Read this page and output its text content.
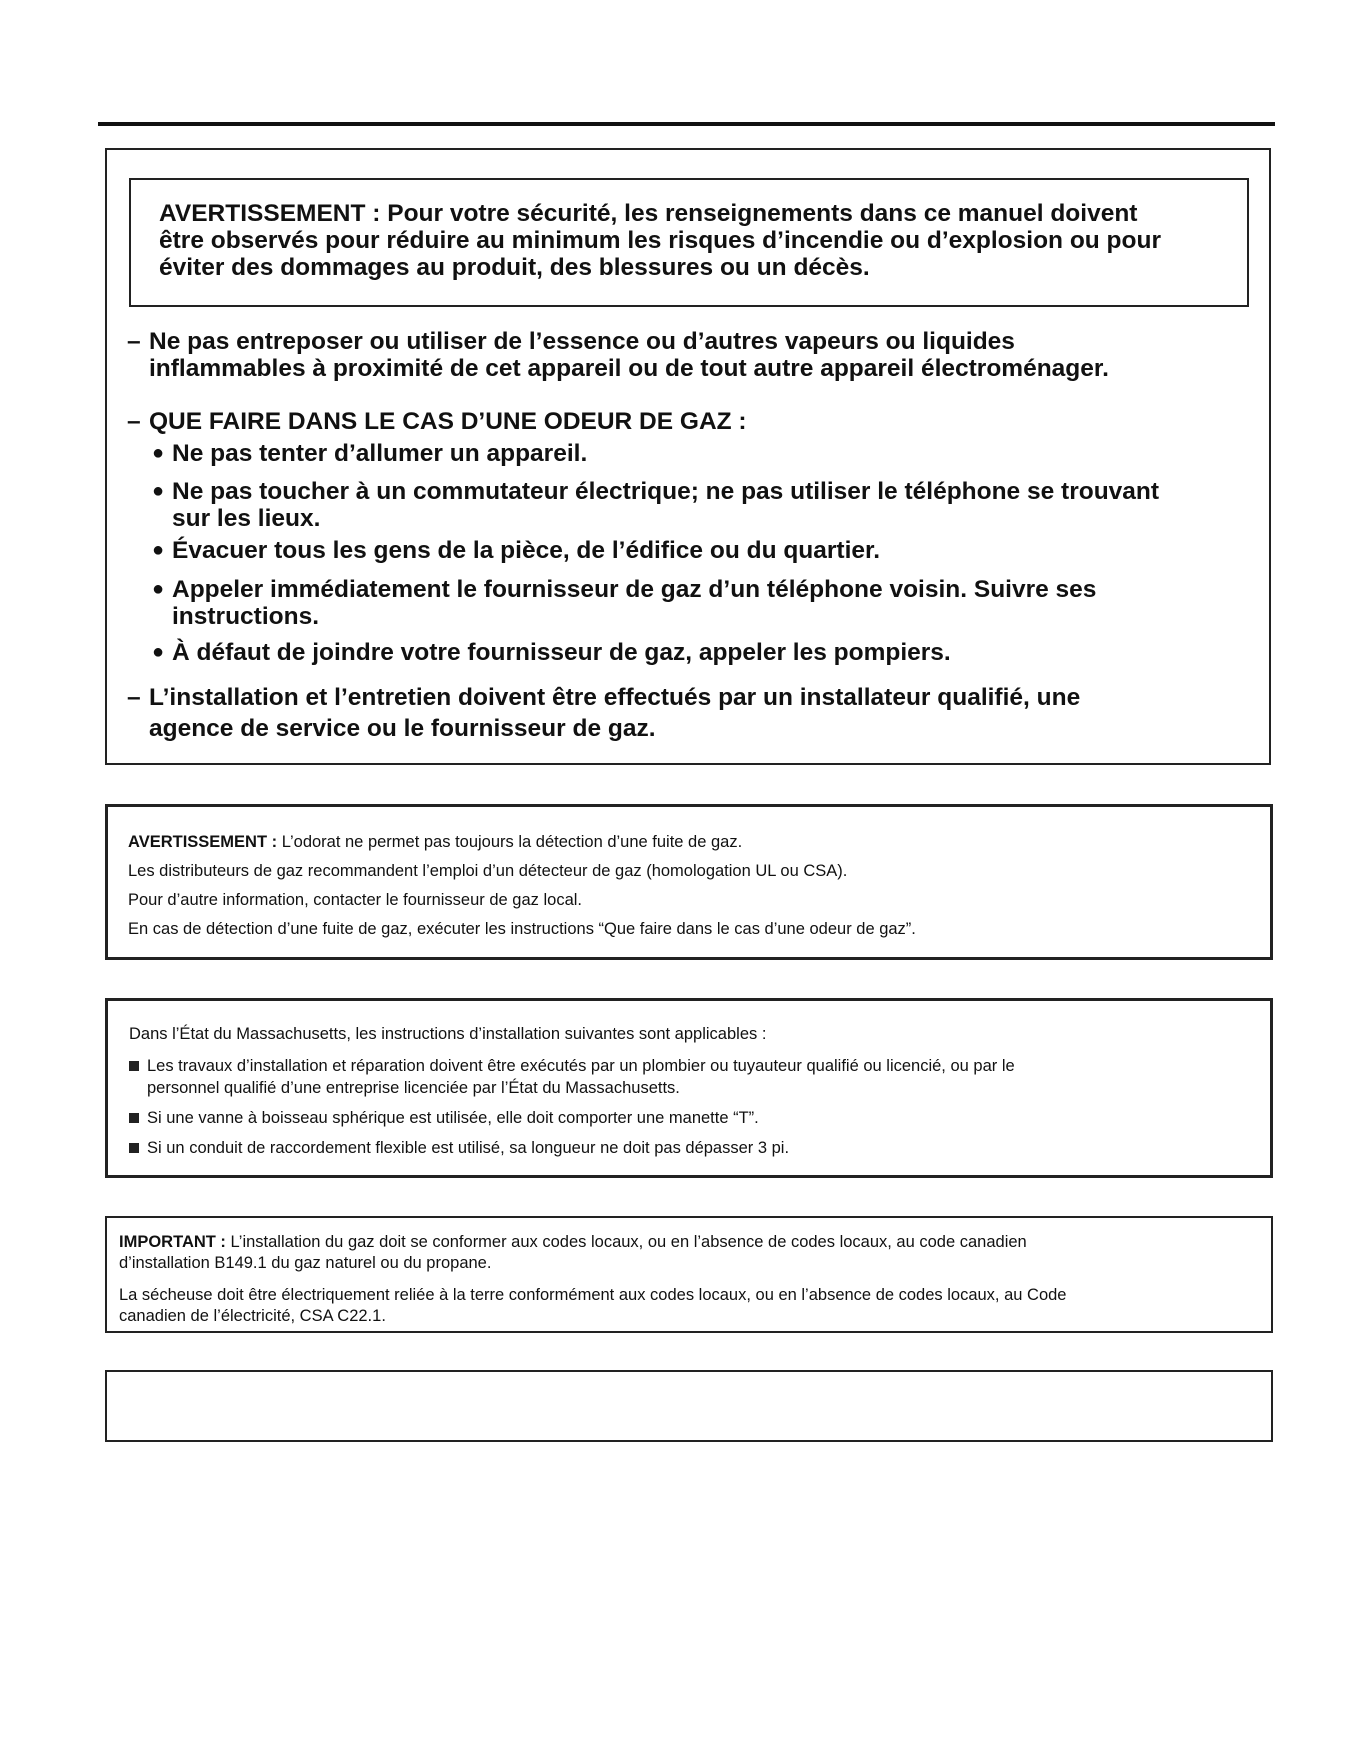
AVERTISSEMENT : Pour votre sécurité, les renseignements dans ce manuel doivent
être observés pour réduire au minimum les risques d’incendie ou d’explosion ou pour
éviter des dommages au produit, des blessures ou un décès.
– Ne pas entreposer ou utiliser de l’essence ou d’autres vapeurs ou liquides
inflammables à proximité de cet appareil ou de tout autre appareil électroménager.
– QUE FAIRE DANS LE CAS D’UNE ODEUR DE GAZ :
● Ne pas tenter d’allumer un appareil.
● Ne pas toucher à un commutateur électrique; ne pas utiliser le téléphone se trouvant
sur les lieux.
● Évacuer tous les gens de la pièce, de l’édifice ou du quartier.
● Appeler immédiatement le fournisseur de gaz d’un téléphone voisin. Suivre ses
instructions.
● À défaut de joindre votre fournisseur de gaz, appeler les pompiers.
– L’installation et l’entretien doivent être effectués par un installateur qualifié, une
agence de service ou le fournisseur de gaz.
AVERTISSEMENT : L’odorat ne permet pas toujours la détection d’une fuite de gaz.
Les distributeurs de gaz recommandent l’emploi d’un détecteur de gaz (homologation UL ou CSA).
Pour d’autre information, contacter le fournisseur de gaz local.
En cas de détection d’une fuite de gaz, exécuter les instructions “Que faire dans le cas d’une odeur de gaz”.
Dans l’État du Massachusetts, les instructions d’installation suivantes sont applicables :
Les travaux d’installation et réparation doivent être exécutés par un plombier ou tuyauteur qualifié ou licencié, ou par le
personnel qualifié d’une entreprise licenciée par l’État du Massachusetts.
Si une vanne à boisseau sphérique est utilisée, elle doit comporter une manette “T”.
Si un conduit de raccordement flexible est utilisé, sa longueur ne doit pas dépasser 3 pi.
IMPORTANT : L’installation du gaz doit se conformer aux codes locaux, ou en l’absence de codes locaux, au code canadien
d’installation B149.1 du gaz naturel ou du propane.
La sécheuse doit être électriquement reliée à la terre conformément aux codes locaux, ou en l’absence de codes locaux, au Code
canadien de l’électricité, CSA C22.1.
